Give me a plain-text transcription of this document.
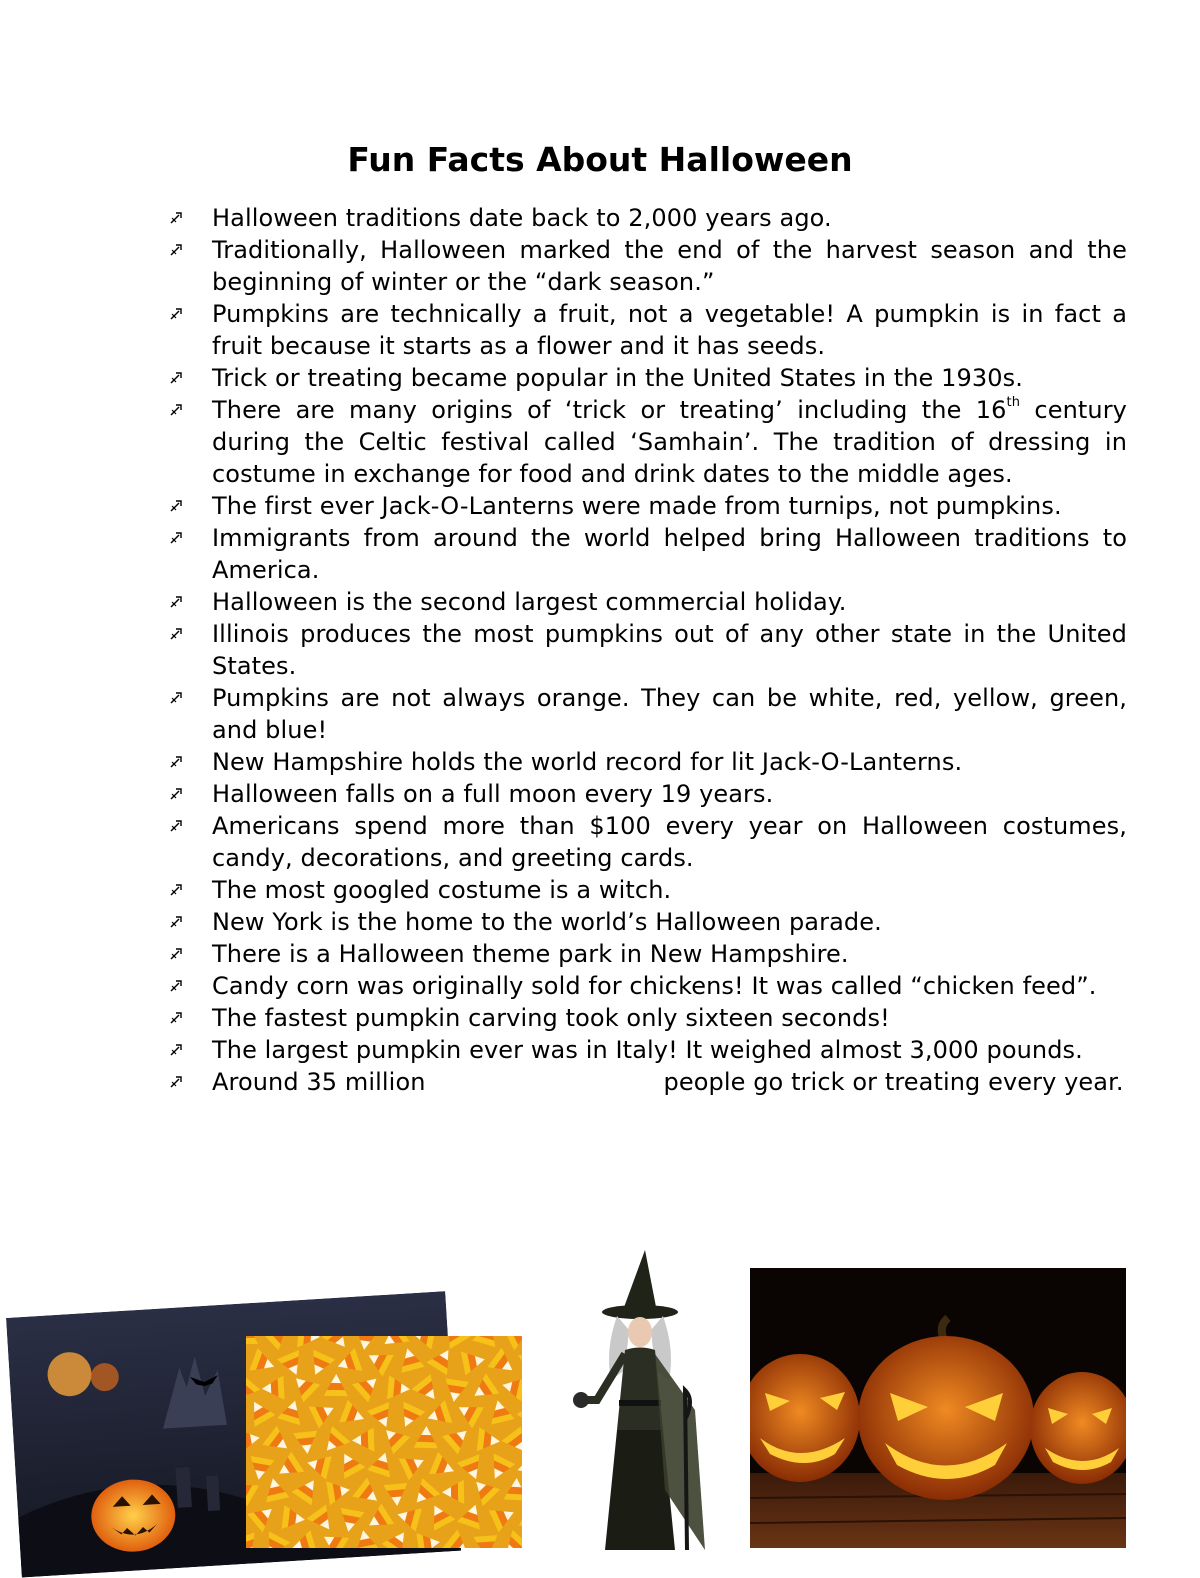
Fun Facts About Halloween
Halloween traditions date back to 2,000 years ago.
Traditionally, Halloween marked the end of the harvest season and the beginning of winter or the “dark season.”
Pumpkins are technically a fruit, not a vegetable! A pumpkin is in fact a fruit because it starts as a flower and it has seeds.
Trick or treating became popular in the United States in the 1930s.
There are many origins of ‘trick or treating’ including the 16th century during the Celtic festival called ‘Samhain’. The tradition of dressing in costume in exchange for food and drink dates to the middle ages.
The first ever Jack-O-Lanterns were made from turnips, not pumpkins.
Immigrants from around the world helped bring Halloween traditions to America.
Halloween is the second largest commercial holiday.
Illinois produces the most pumpkins out of any other state in the United States.
Pumpkins are not always orange. They can be white, red, yellow, green, and blue!
New Hampshire holds the world record for lit Jack-O-Lanterns.
Halloween falls on a full moon every 19 years.
Americans spend more than $100 every year on Halloween costumes, candy, decorations, and greeting cards.
The most googled costume is a witch.
New York is the home to the world’s Halloween parade.
There is a Halloween theme park in New Hampshire.
Candy corn was originally sold for chickens! It was called “chicken feed”.
The fastest pumpkin carving took only sixteen seconds!
The largest pumpkin ever was in Italy! It weighed almost 3,000 pounds.
Around 35 million	people go trick or treating every year.
